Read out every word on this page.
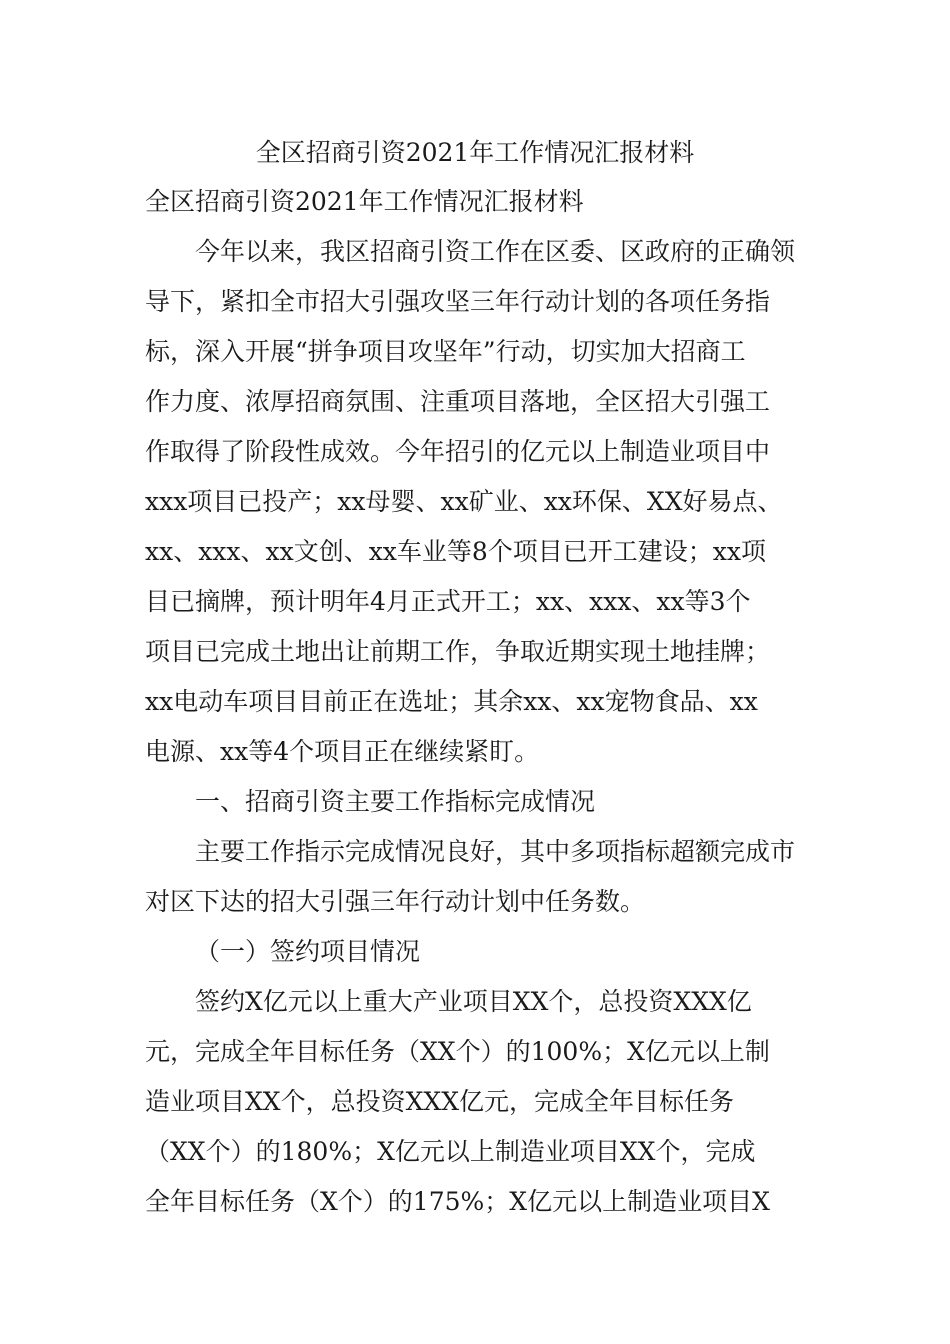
全区招商引资2021年工作情况汇报材料

全区招商引资2021年工作情况汇报材料

今年以来，我区招商引资工作在区委、区政府的正确领
导下，紧扣全市招大引强攻坚三年行动计划的各项任务指
标，深入开展“拼争项目攻坚年”行动，切实加大招商工
作力度、浓厚招商氛围、注重项目落地，全区招大引强工
作取得了阶段性成效。今年招引的亿元以上制造业项目中
xxx项目已投产；xx母婴、xx矿业、xx环保、XX好易点、
xx、xxx、xx文创、xx车业等8个项目已开工建设；xx项
目已摘牌，预计明年4月正式开工；xx、xxx、xx等3个
项目已完成土地出让前期工作，争取近期实现土地挂牌；
xx电动车项目目前正在选址；其余xx、xx宠物食品、xx
电源、xx等4个项目正在继续紧盯。

一、招商引资主要工作指标完成情况

主要工作指示完成情况良好，其中多项指标超额完成市
对区下达的招大引强三年行动计划中任务数。

（一）签约项目情况

签约X亿元以上重大产业项目XX个，总投资XXX亿
元，完成全年目标任务（XX个）的100%；X亿元以上制
造业项目XX个，总投资XXX亿元，完成全年目标任务
（XX个）的180%；X亿元以上制造业项目XX个，完成
全年目标任务（X个）的175%；X亿元以上制造业项目X
